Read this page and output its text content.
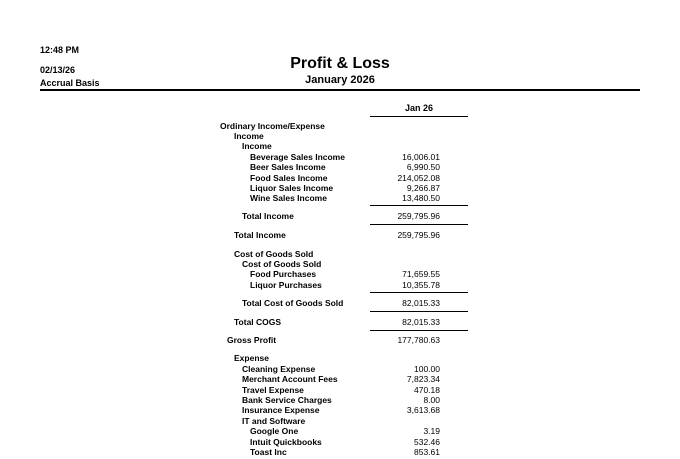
12:48 PM
02/13/26
Accrual Basis
Profit & Loss
January 2026
Jan 26
Ordinary Income/Expense
Income
Income
Beverage Sales Income	16,006.01
Beer Sales Income	6,990.50
Food Sales Income	214,052.08
Liquor Sales Income	9,266.87
Wine Sales Income	13,480.50
Total Income	259,795.96
Total Income	259,795.96
Cost of Goods Sold
Cost of Goods Sold
Food Purchases	71,659.55
Liquor Purchases	10,355.78
Total Cost of Goods Sold	82,015.33
Total COGS	82,015.33
Gross Profit	177,780.63
Expense
Cleaning Expense	100.00
Merchant Account Fees	7,823.34
Travel Expense	470.18
Bank Service Charges	8.00
Insurance Expense	3,613.68
IT and Software
Google One	3.19
Intuit Quickbooks	532.46
Toast Inc	853.61
